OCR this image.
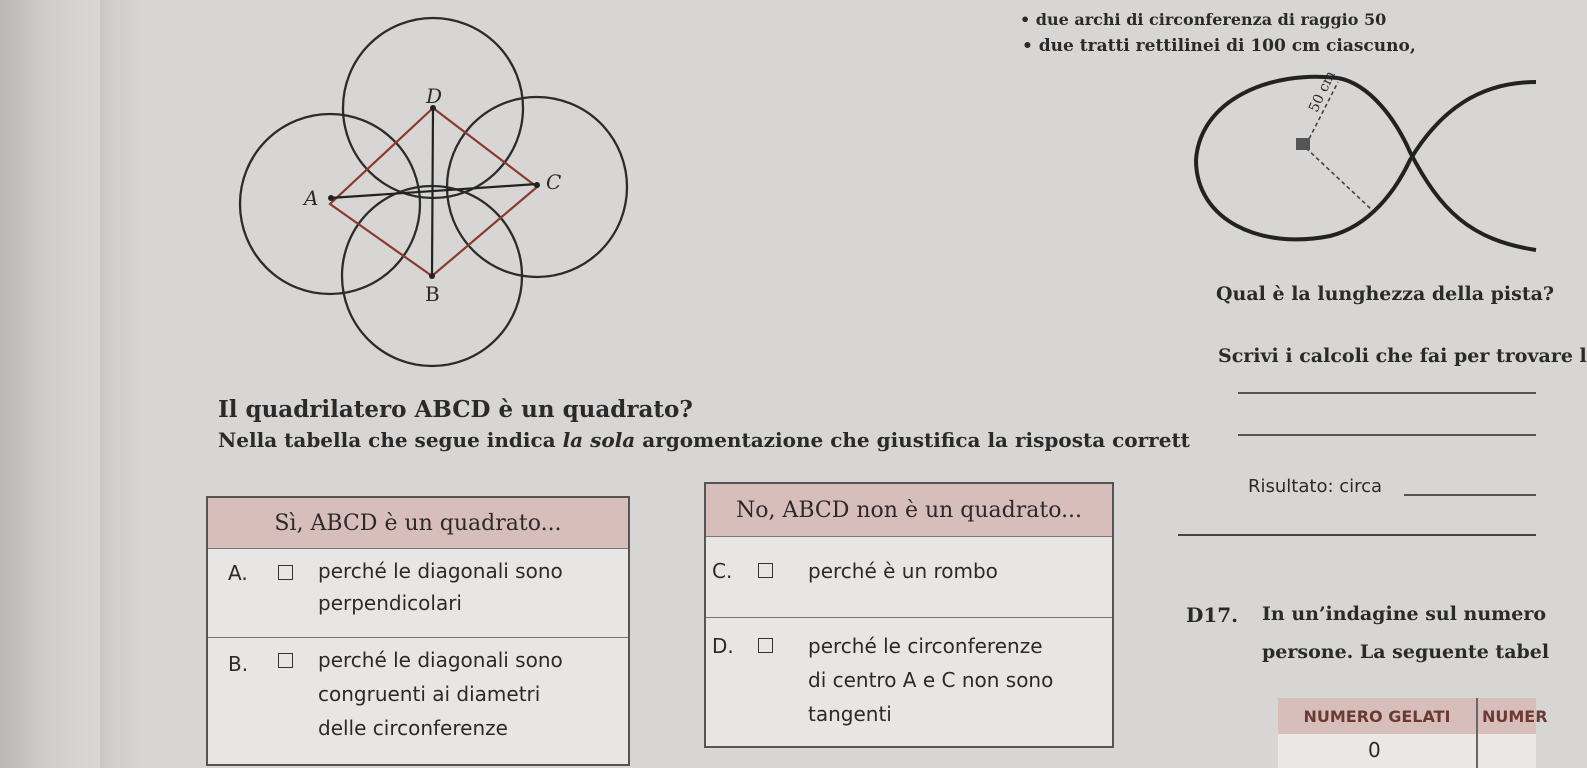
D
A
C
B
Il quadrilatero ABCD è un quadrato?
Nella tabella che segue indica la sola argomentazione che giustifica la risposta corrett
Sì, ABCD è un quadrato...
A.	perché le diagonali sono
perpendicolari
B.	perché le diagonali sono
congruenti ai diametri
delle circonferenze
No, ABCD non è un quadrato...
C.	perché è un rombo
D.	perché le circonferenze
di centro A e C non sono
tangenti
• due archi di circonferenza di raggio 50
• due tratti rettilinei di 100 cm ciascuno,
50 cm
Qual è la lunghezza della pista?
Scrivi i calcoli che fai per trovare l
Risultato: circa
D17. In un’indagine sul numero
persone. La seguente tabel
NUMERO GELATI	NUMER
0
